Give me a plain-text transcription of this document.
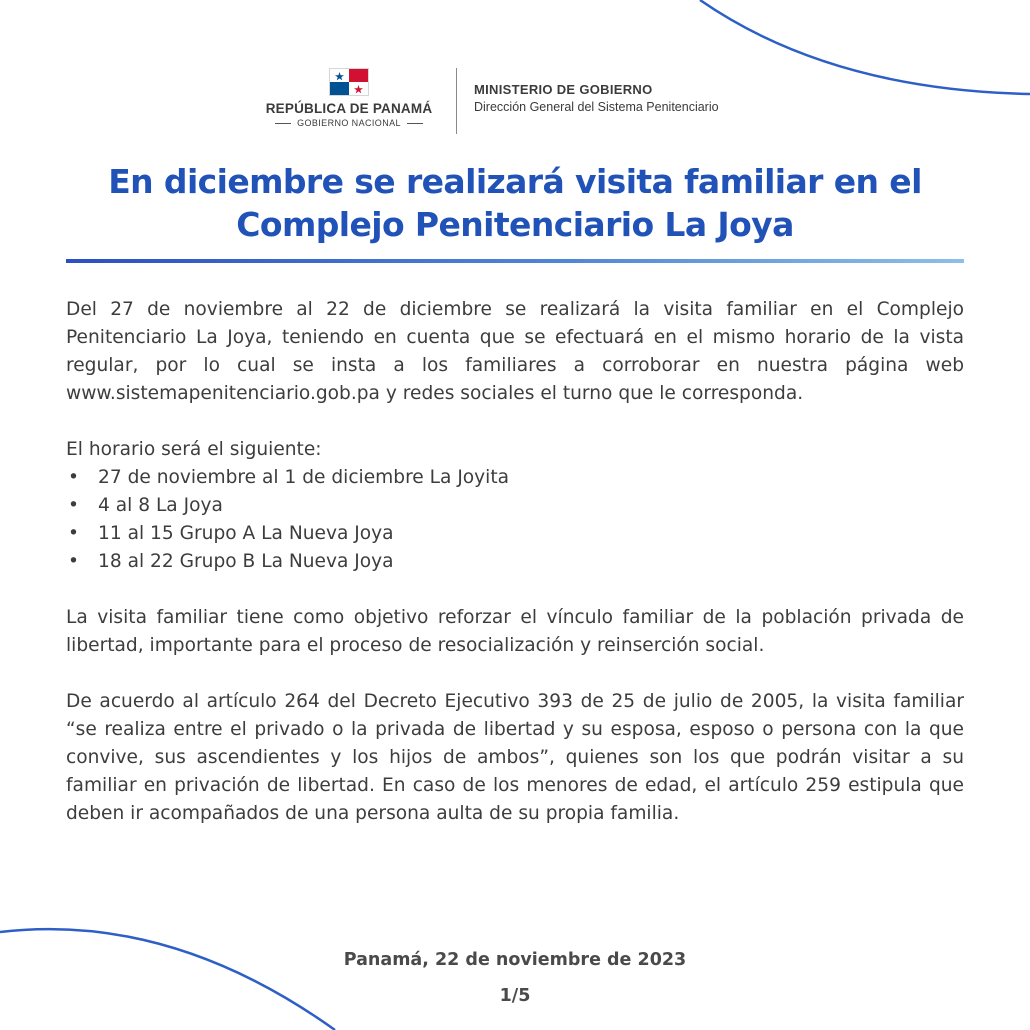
REPÚBLICA DE PANAMÁ
GOBIERNO NACIONAL
MINISTERIO DE GOBIERNO
Dirección General del Sistema Penitenciario
En diciembre se realizará visita familiar en el
Complejo Penitenciario La Joya

Del 27 de noviembre al 22 de diciembre se realizará la visita familiar en el Complejo Penitenciario La Joya, teniendo en cuenta que se efectuará en el mismo horario de la vista regular, por lo cual se insta a los familiares a corroborar en nuestra página web www.sistemapenitenciario.gob.pa y redes sociales el turno que le corresponda.

El horario será el siguiente:

• 27 de noviembre al 1 de diciembre La Joyita
• 4 al 8 La Joya
• 11 al 15 Grupo A La Nueva Joya
• 18 al 22 Grupo B La Nueva Joya

La visita familiar tiene como objetivo reforzar el vínculo familiar de la población privada de libertad, importante para el proceso de resocialización y reinserción social.

De acuerdo al artículo 264 del Decreto Ejecutivo 393 de 25 de julio de 2005, la visita familiar “se realiza entre el privado o la privada de libertad y su esposa, esposo o persona con la que convive, sus ascendientes y los hijos de ambos”, quienes son los que podrán visitar a su familiar en privación de libertad. En caso de los menores de edad, el artículo 259 estipula que deben ir acompañados de una persona aulta de su propia familia.

Panamá, 22 de noviembre de 2023
1/5
